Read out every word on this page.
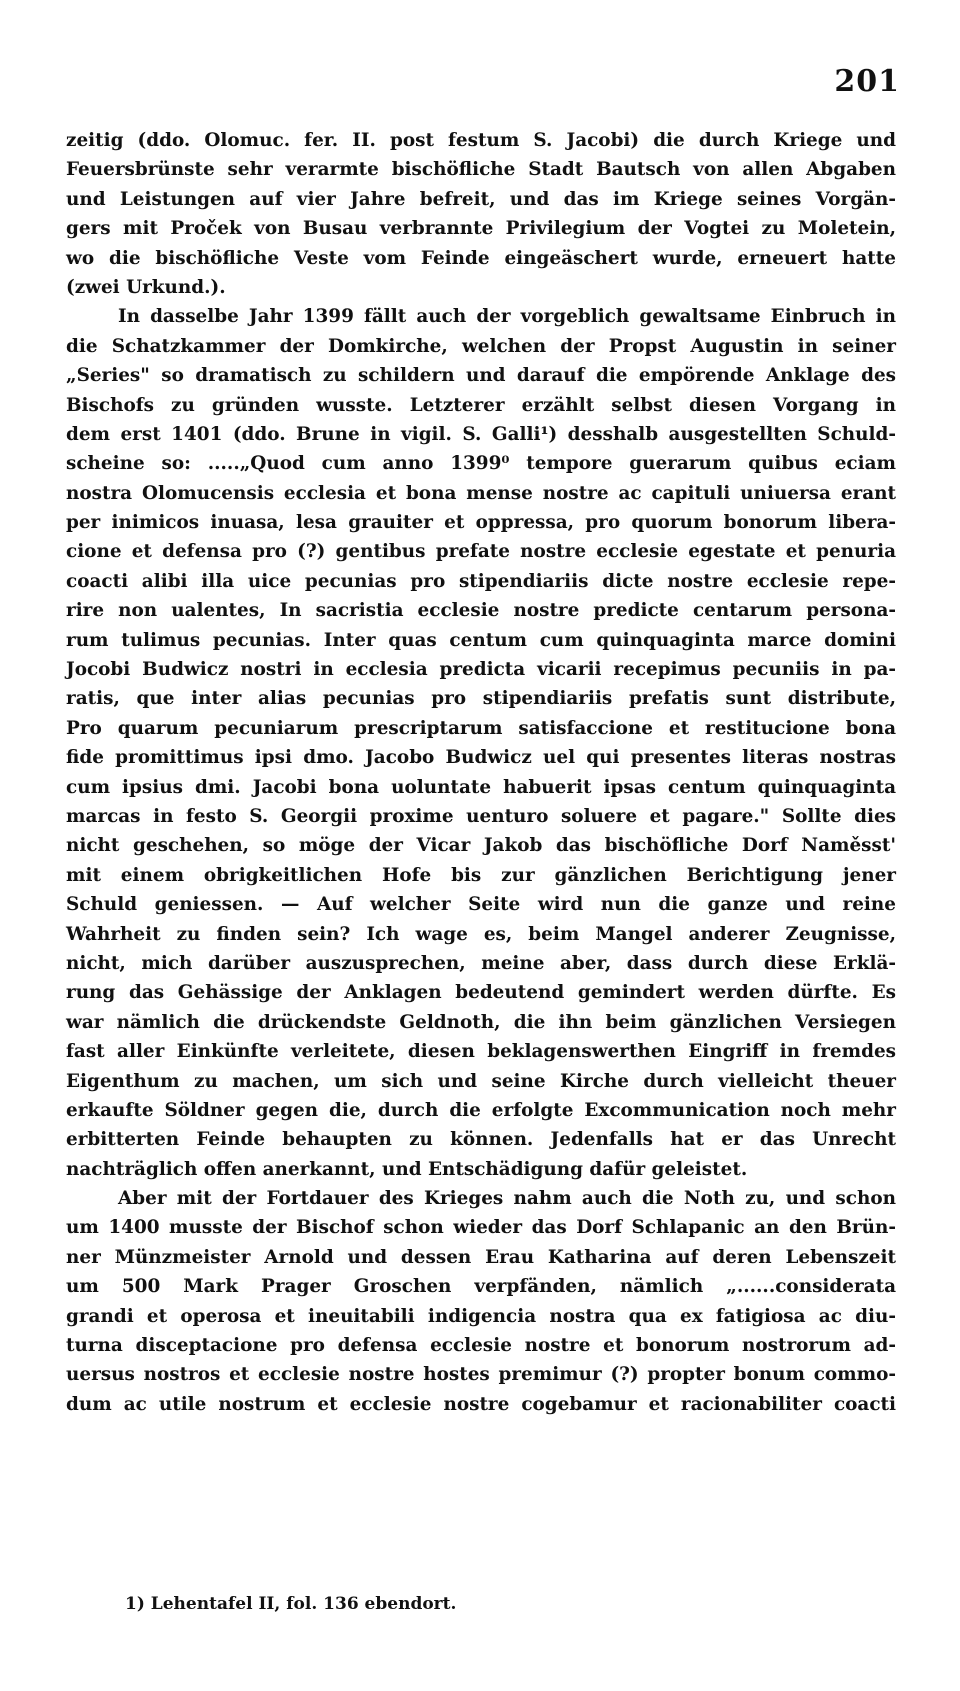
201
zeitig (ddo. Olomuc. fer. II. post festum S. Jacobi) die durch Kriege und
Feuersbrünste sehr verarmte bischöfliche Stadt Bautsch von allen Abgaben
und Leistungen auf vier Jahre befreit, und das im Kriege seines Vorgän-
gers mit Proček von Busau verbrannte Privilegium der Vogtei zu Moletein,
wo die bischöfliche Veste vom Feinde eingeäschert wurde, erneuert hatte
(zwei Urkund.).
In dasselbe Jahr 1399 fällt auch der vorgeblich gewaltsame Einbruch in
die Schatzkammer der Domkirche, welchen der Propst Augustin in seiner
„Series" so dramatisch zu schildern und darauf die empörende Anklage des
Bischofs zu gründen wusste. Letzterer erzählt selbst diesen Vorgang in
dem erst 1401 (ddo. Brune in vigil. S. Galli¹) desshalb ausgestellten Schuld-
scheine so: .....„Quod cum anno 1399⁰ tempore guerarum quibus eciam
nostra Olomucensis ecclesia et bona mense nostre ac capituli uniuersa erant
per inimicos inuasa, lesa grauiter et oppressa, pro quorum bonorum libera-
cione et defensa pro (?) gentibus prefate nostre ecclesie egestate et penuria
coacti alibi illa uice pecunias pro stipendiariis dicte nostre ecclesie repe-
rire non ualentes, In sacristia ecclesie nostre predicte centarum persona-
rum tulimus pecunias. Inter quas centum cum quinquaginta marce domini
Jocobi Budwicz nostri in ecclesia predicta vicarii recepimus pecuniis in pa-
ratis, que inter alias pecunias pro stipendiariis prefatis sunt distribute,
Pro quarum pecuniarum prescriptarum satisfaccione et restitucione bona
fide promittimus ipsi dmo. Jacobo Budwicz uel qui presentes literas nostras
cum ipsius dmi. Jacobi bona uoluntate habuerit ipsas centum quinquaginta
marcas in festo S. Georgii proxime uenturo soluere et pagare." Sollte dies
nicht geschehen, so möge der Vicar Jakob das bischöfliche Dorf Naměsst'
mit einem obrigkeitlichen Hofe bis zur gänzlichen Berichtigung jener
Schuld geniessen. — Auf welcher Seite wird nun die ganze und reine
Wahrheit zu finden sein? Ich wage es, beim Mangel anderer Zeugnisse,
nicht, mich darüber auszusprechen, meine aber, dass durch diese Erklä-
rung das Gehässige der Anklagen bedeutend gemindert werden dürfte. Es
war nämlich die drückendste Geldnoth, die ihn beim gänzlichen Versiegen
fast aller Einkünfte verleitete, diesen beklagenswerthen Eingriff in fremdes
Eigenthum zu machen, um sich und seine Kirche durch vielleicht theuer
erkaufte Söldner gegen die, durch die erfolgte Excommunication noch mehr
erbitterten Feinde behaupten zu können. Jedenfalls hat er das Unrecht
nachträglich offen anerkannt, und Entschädigung dafür geleistet.
Aber mit der Fortdauer des Krieges nahm auch die Noth zu, und schon
um 1400 musste der Bischof schon wieder das Dorf Schlapanic an den Brün-
ner Münzmeister Arnold und dessen Erau Katharina auf deren Lebenszeit
um 500 Mark Prager Groschen verpfänden, nämlich „......considerata
grandi et operosa et ineuitabili indigencia nostra qua ex fatigiosa ac diu-
turna disceptacione pro defensa ecclesie nostre et bonorum nostrorum ad-
uersus nostros et ecclesie nostre hostes premimur (?) propter bonum commo-
dum ac utile nostrum et ecclesie nostre cogebamur et racionabiliter coacti
1) Lehentafel II, fol. 136 ebendort.
